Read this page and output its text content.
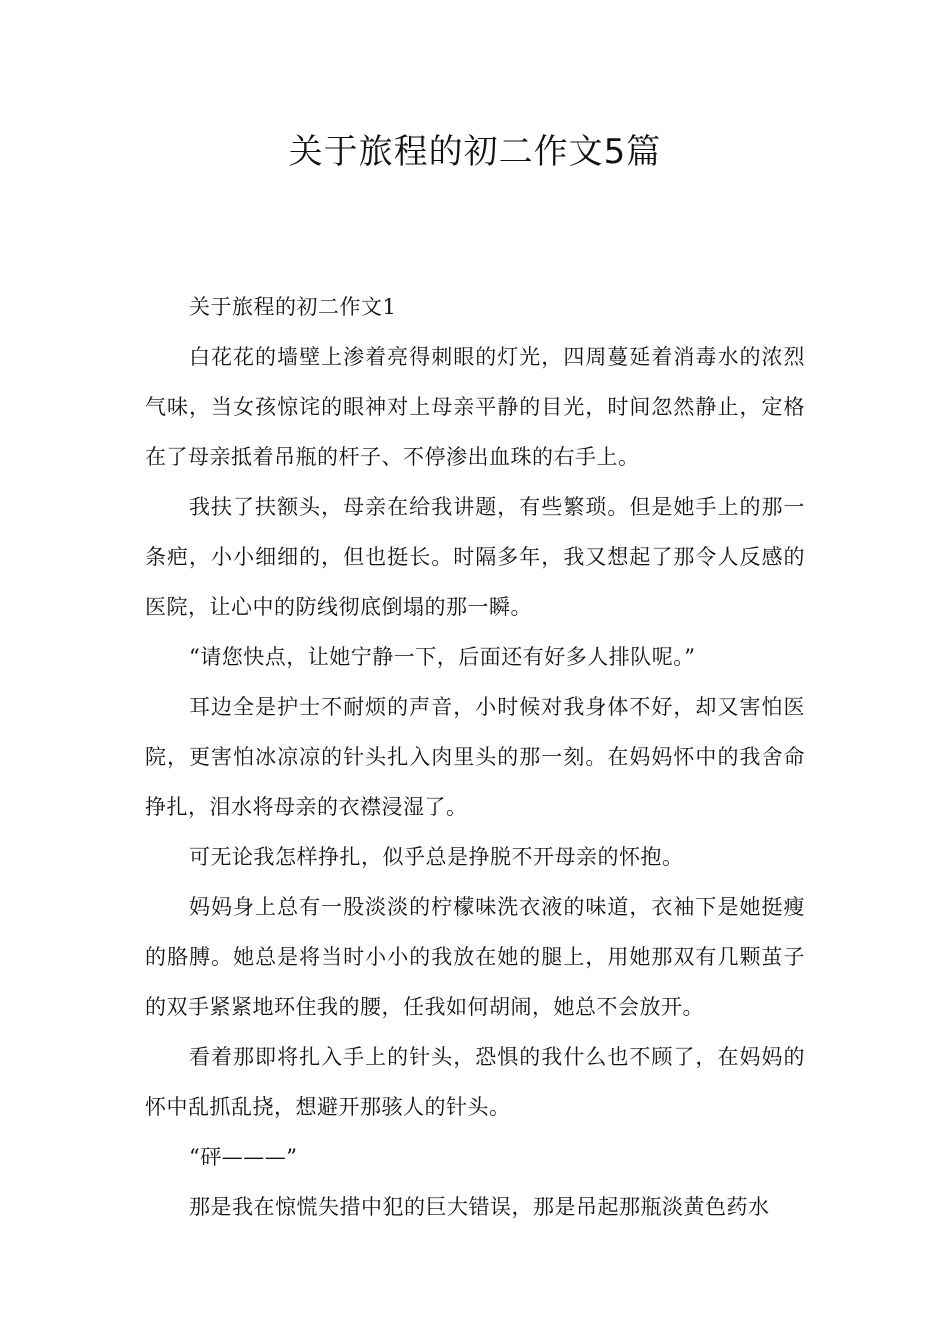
关于旅程的初二作文5篇

关于旅程的初二作文1

白花花的墙壁上渗着亮得刺眼的灯光，四周蔓延着消毒水的浓烈气味，当女孩惊诧的眼神对上母亲平静的目光，时间忽然静止，定格在了母亲抵着吊瓶的杆子、不停渗出血珠的右手上。

我扶了扶额头，母亲在给我讲题，有些繁琐。但是她手上的那一条疤，小小细细的，但也挺长。时隔多年，我又想起了那令人反感的医院，让心中的防线彻底倒塌的那一瞬。

“请您快点，让她宁静一下，后面还有好多人排队呢。”

耳边全是护士不耐烦的声音，小时候对我身体不好，却又害怕医院，更害怕冰凉凉的针头扎入肉里头的那一刻。在妈妈怀中的我舍命挣扎，泪水将母亲的衣襟浸湿了。

可无论我怎样挣扎，似乎总是挣脱不开母亲的怀抱。

妈妈身上总有一股淡淡的柠檬味洗衣液的味道，衣袖下是她挺瘦的胳膊。她总是将当时小小的我放在她的腿上，用她那双有几颗茧子的双手紧紧地环住我的腰，任我如何胡闹，她总不会放开。

看着那即将扎入手上的针头，恐惧的我什么也不顾了，在妈妈的怀中乱抓乱挠，想避开那骇人的针头。

“砰———”

那是我在惊慌失措中犯的巨大错误，那是吊起那瓶淡黄色药水
